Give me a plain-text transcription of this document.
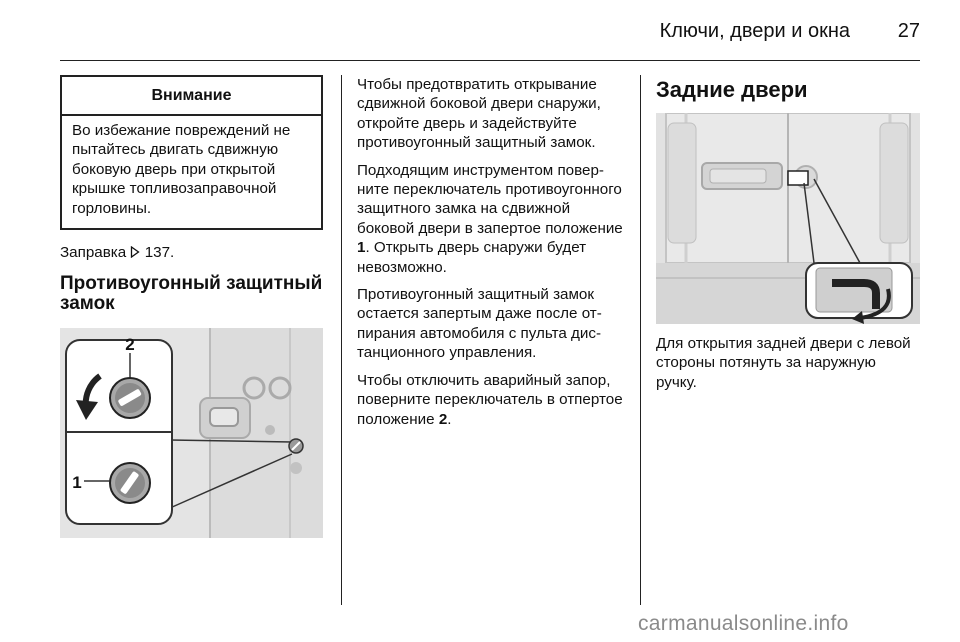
Ключи, двери и окна	27
Внимание
Во избежание повреждений не пытайтесь двигать сдвижную боковую дверь при открытой крышке топливозаправочной горловины.

Заправка 137.

Противоугонный защитный замок
2
1

Чтобы предотвратить открывание сдвижной боковой двери снаружи, откройте дверь и задействуйте противоугонный защитный замок.

Подходящим инструментом поверните переключатель противоугонного защитного замка на сдвижной боковой двери в запертое положение 1. Открыть дверь снаружи будет невозможно.

Противоугонный защитный замок остается запертым даже после отпирания автомобиля с пульта дистанционного управления.

Чтобы отключить аварийный запор, поверните переключатель в отпертое положение 2.

Задние двери

Для открытия задней двери с левой стороны потянуть за наружную ручку.

carmanualsonline.info
